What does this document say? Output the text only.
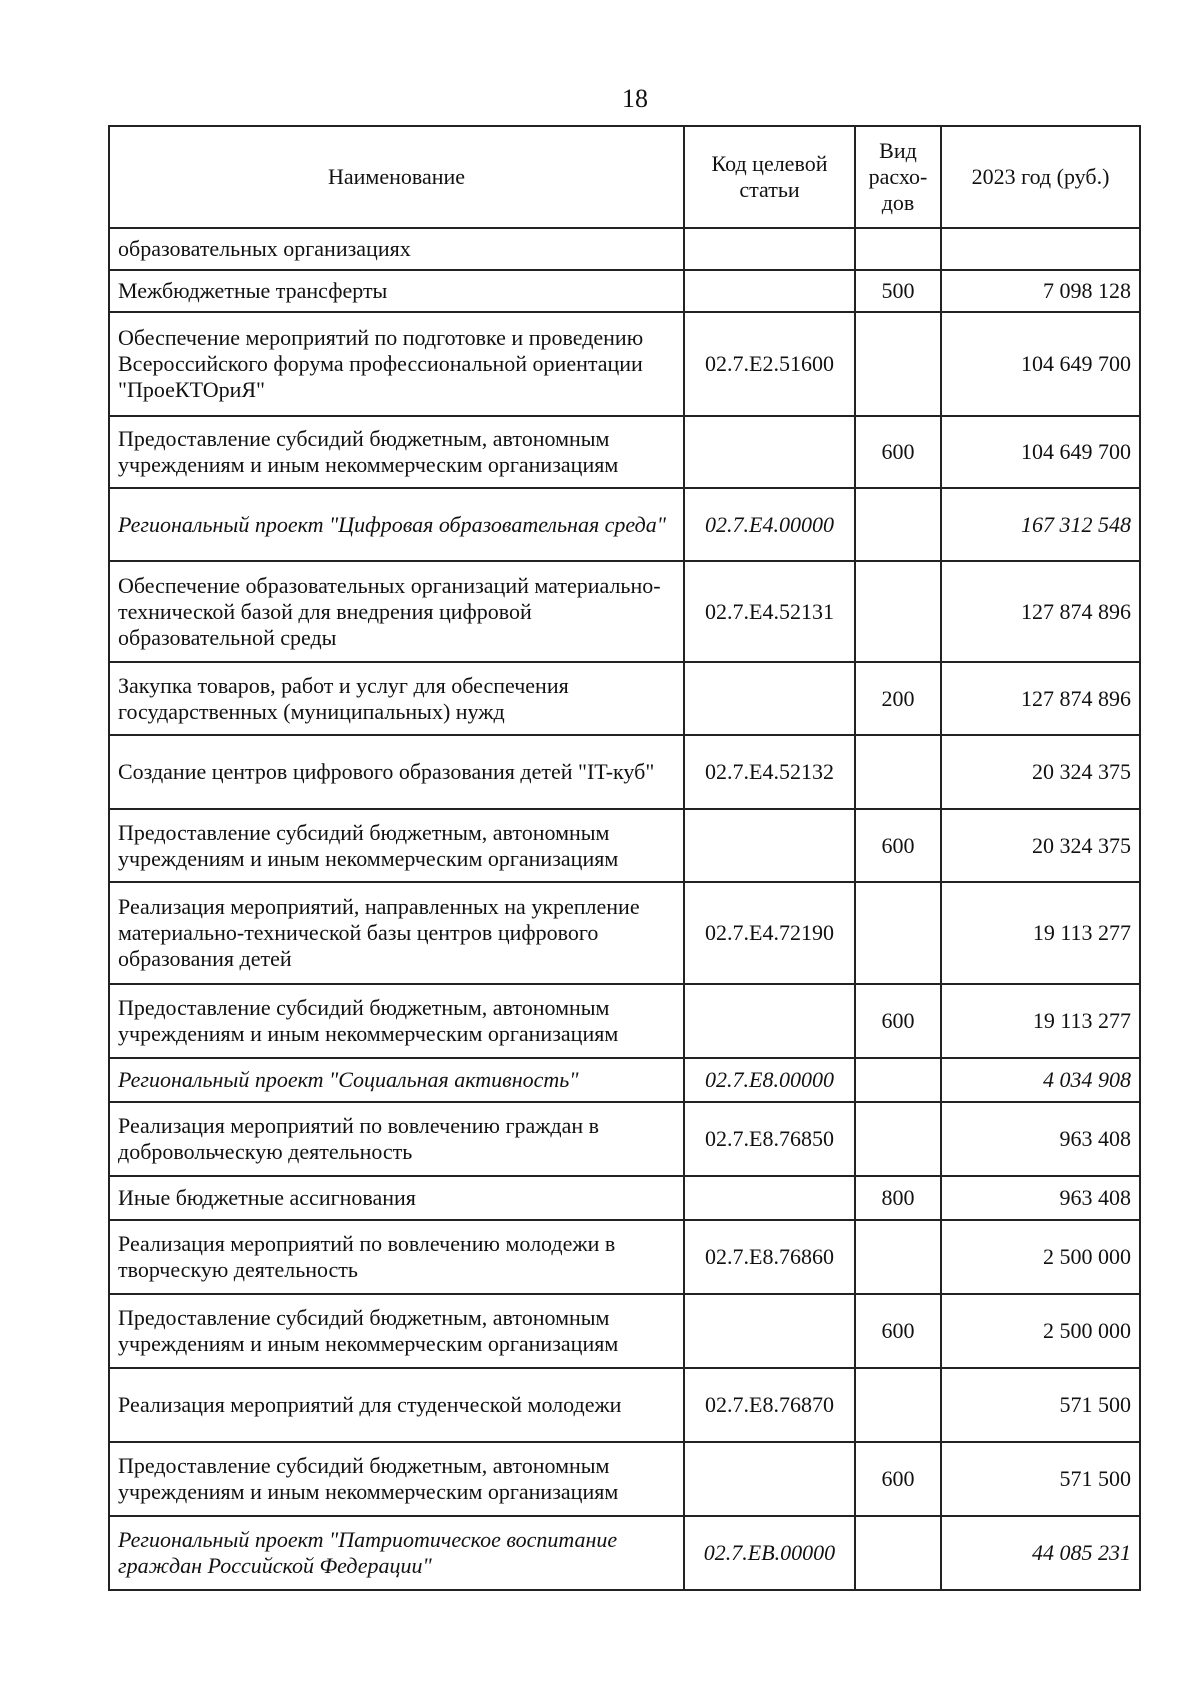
18
Наименование	Код целевой статьи	Вид расхо-дов	2023 год (руб.)
образовательных организациях			
Межбюджетные трансферты		500	7 098 128
Обеспечение мероприятий по подготовке и проведению Всероссийского форума профессиональной ориентации "ПроеКТОриЯ"	02.7.Е2.51600		104 649 700
Предоставление субсидий бюджетным, автономным учреждениям и иным некоммерческим организациям		600	104 649 700
Региональный проект "Цифровая образовательная среда"	02.7.Е4.00000		167 312 548
Обеспечение образовательных организаций материально-технической базой для внедрения цифровой образовательной среды	02.7.Е4.52131		127 874 896
Закупка товаров, работ и услуг для обеспечения государственных (муниципальных) нужд		200	127 874 896
Создание центров цифрового образования детей "IT-куб"	02.7.Е4.52132		20 324 375
Предоставление субсидий бюджетным, автономным учреждениям и иным некоммерческим организациям		600	20 324 375
Реализация мероприятий, направленных на укрепление материально-технической базы центров цифрового образования детей	02.7.Е4.72190		19 113 277
Предоставление субсидий бюджетным, автономным учреждениям и иным некоммерческим организациям		600	19 113 277
Региональный проект "Социальная активность"	02.7.Е8.00000		4 034 908
Реализация мероприятий по вовлечению граждан в добровольческую деятельность	02.7.Е8.76850		963 408
Иные бюджетные ассигнования		800	963 408
Реализация мероприятий по вовлечению молодежи в творческую деятельность	02.7.Е8.76860		2 500 000
Предоставление субсидий бюджетным, автономным учреждениям и иным некоммерческим организациям		600	2 500 000
Реализация мероприятий для студенческой молодежи	02.7.Е8.76870		571 500
Предоставление субсидий бюджетным, автономным учреждениям и иным некоммерческим организациям		600	571 500
Региональный проект "Патриотическое воспитание граждан Российской Федерации"	02.7.ЕВ.00000		44 085 231
